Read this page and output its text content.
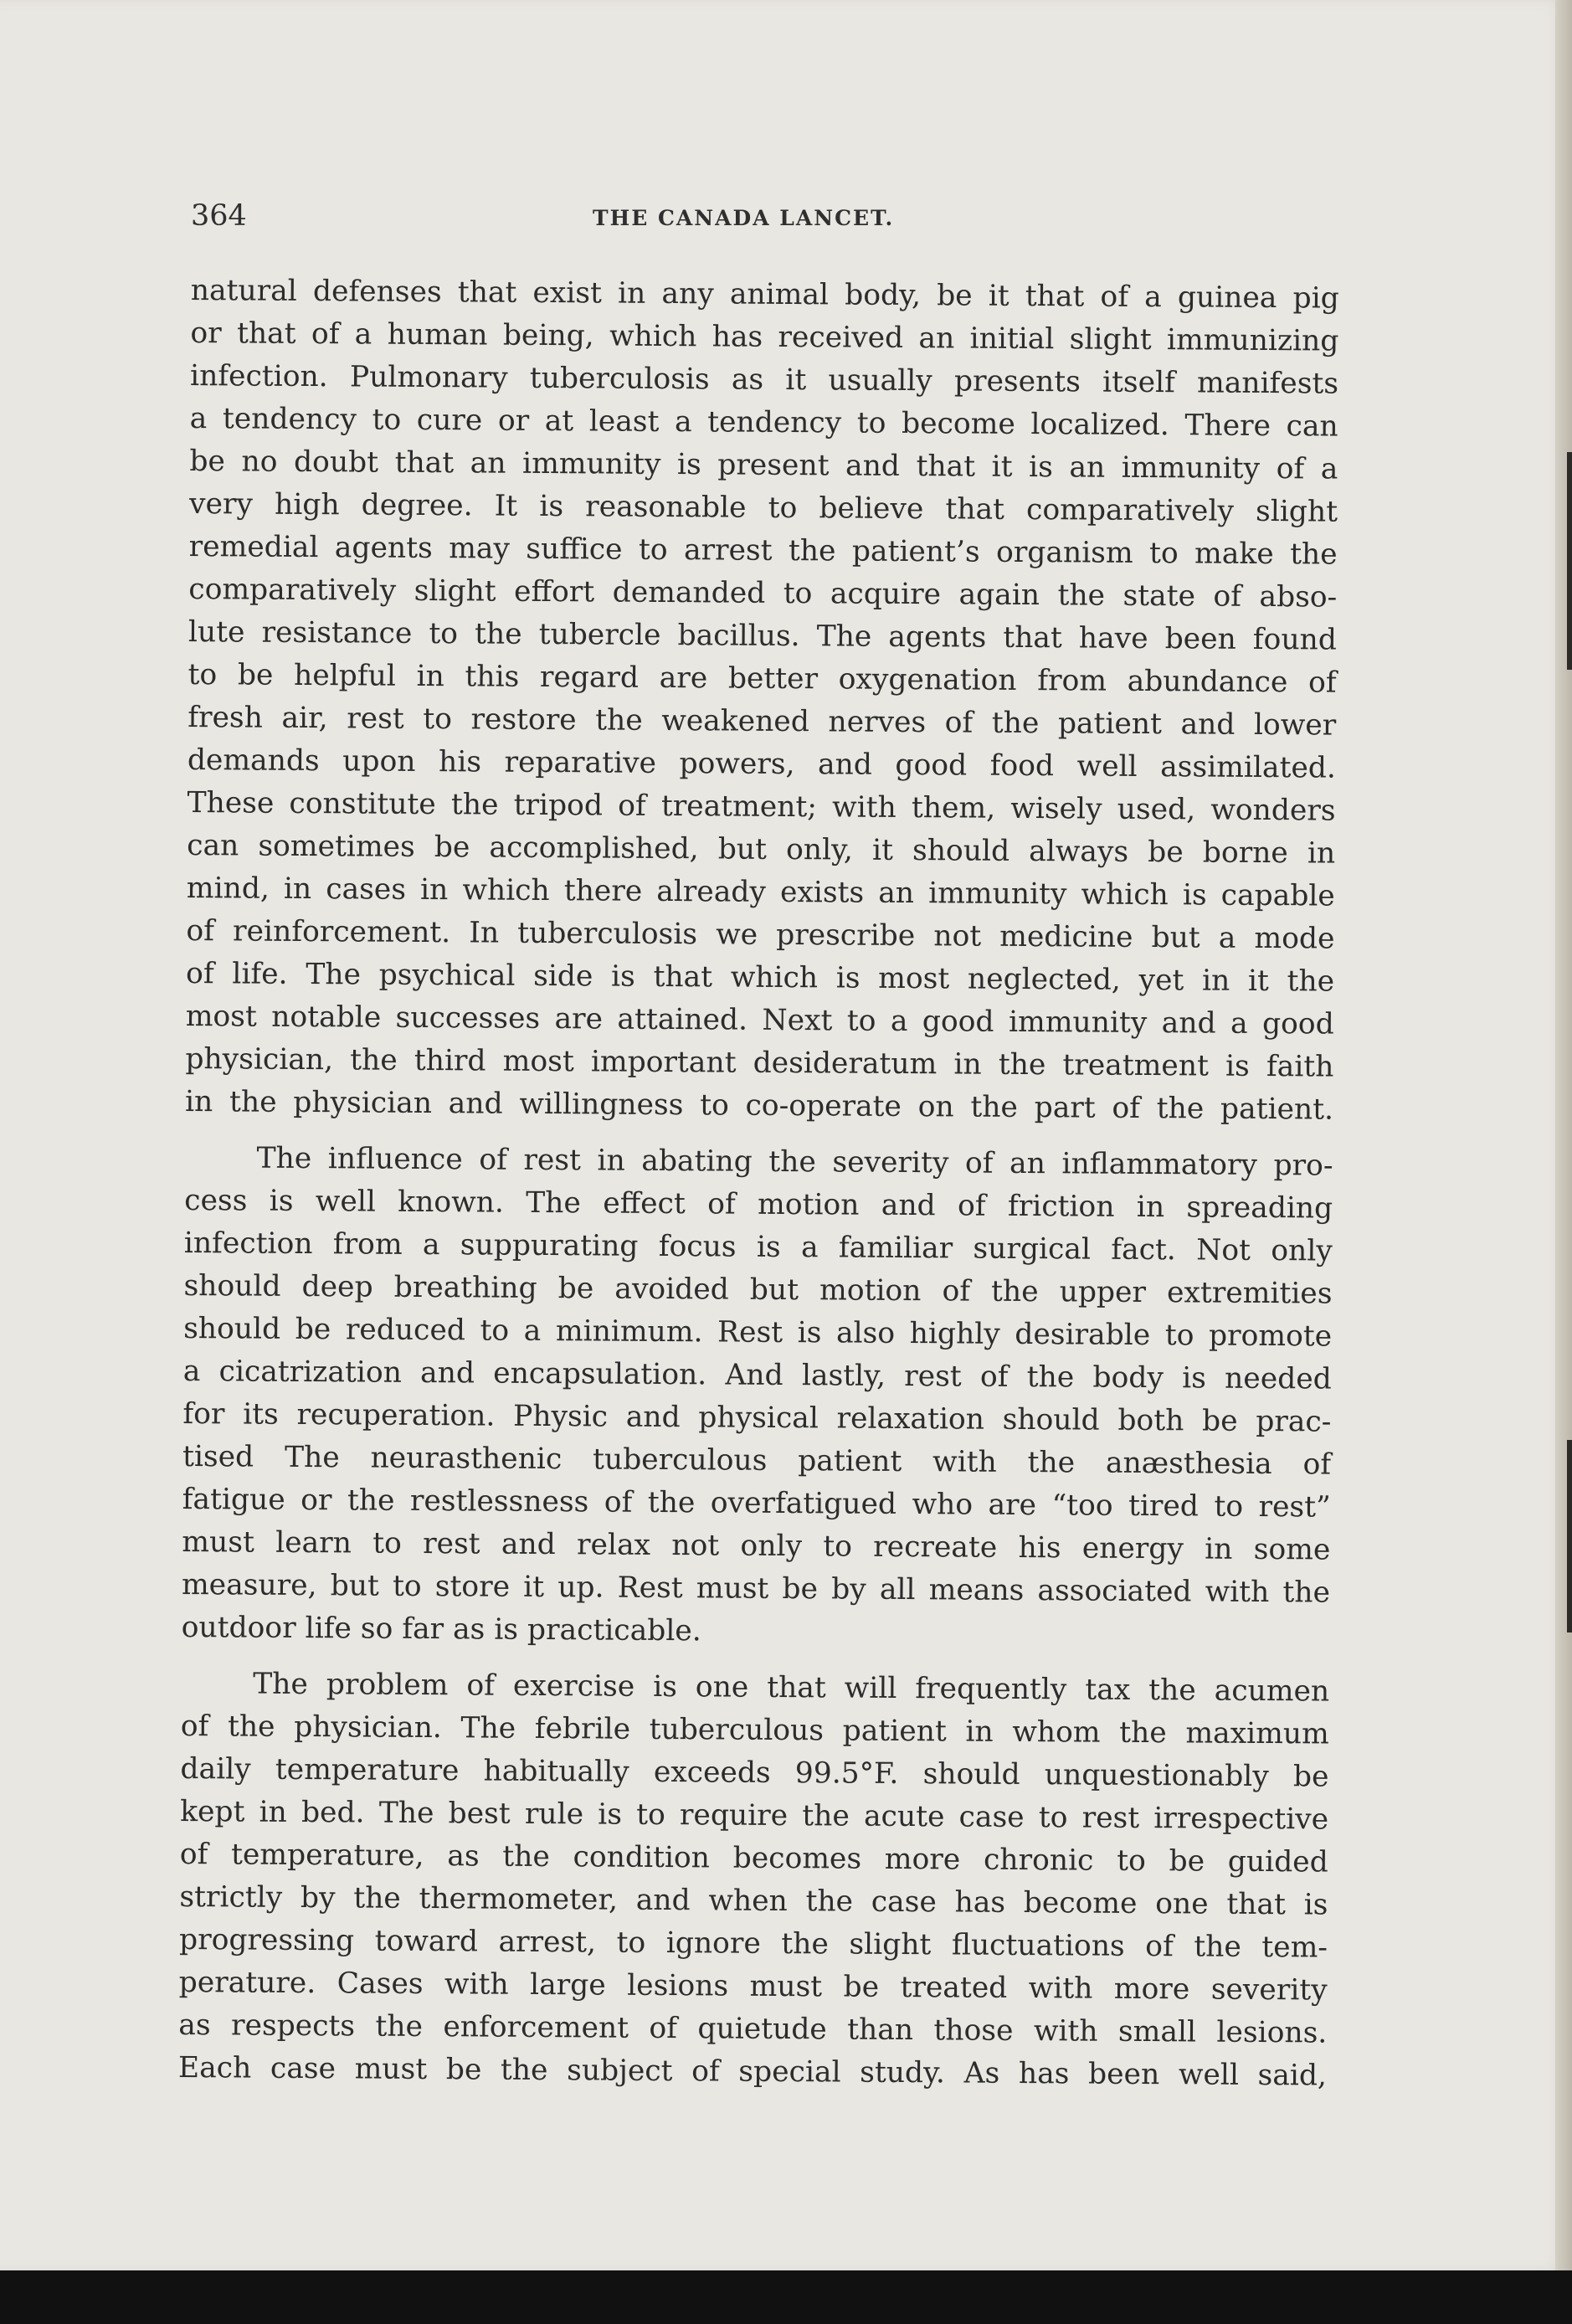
364	THE CANADA LANCET.
natural defenses that exist in any animal body, be it that of a guinea pig
or that of a human being, which has received an initial slight immunizing
infection. Pulmonary tuberculosis as it usually presents itself manifests
a tendency to cure or at least a tendency to become localized. There can
be no doubt that an immunity is present and that it is an immunity of a
very high degree. It is reasonable to believe that comparatively slight
remedial agents may suffice to arrest the patient’s organism to make the
comparatively slight effort demanded to acquire again the state of abso-
lute resistance to the tubercle bacillus. The agents that have been found
to be helpful in this regard are better oxygenation from abundance of
fresh air, rest to restore the weakened nerves of the patient and lower
demands upon his reparative powers, and good food well assimilated.
These constitute the tripod of treatment; with them, wisely used, wonders
can sometimes be accomplished, but only, it should always be borne in
mind, in cases in which there already exists an immunity which is capable
of reinforcement. In tuberculosis we prescribe not medicine but a mode
of life. The psychical side is that which is most neglected, yet in it the
most notable successes are attained. Next to a good immunity and a good
physician, the third most important desideratum in the treatment is faith
in the physician and willingness to co-operate on the part of the patient.
The influence of rest in abating the severity of an inflammatory pro-
cess is well known. The effect of motion and of friction in spreading
infection from a suppurating focus is a familiar surgical fact. Not only
should deep breathing be avoided but motion of the upper extremities
should be reduced to a minimum. Rest is also highly desirable to promote
a cicatrization and encapsulation. And lastly, rest of the body is needed
for its recuperation. Physic and physical relaxation should both be prac-
tised The neurasthenic tuberculous patient with the anæsthesia of
fatigue or the restlessness of the overfatigued who are “too tired to rest”
must learn to rest and relax not only to recreate his energy in some
measure, but to store it up. Rest must be by all means associated with the
outdoor life so far as is practicable.
The problem of exercise is one that will frequently tax the acumen
of the physician. The febrile tuberculous patient in whom the maximum
daily temperature habitually exceeds 99.5°F. should unquestionably be
kept in bed. The best rule is to require the acute case to rest irrespective
of temperature, as the condition becomes more chronic to be guided
strictly by the thermometer, and when the case has become one that is
progressing toward arrest, to ignore the slight fluctuations of the tem-
perature. Cases with large lesions must be treated with more severity
as respects the enforcement of quietude than those with small lesions.
Each case must be the subject of special study. As has been well said,
